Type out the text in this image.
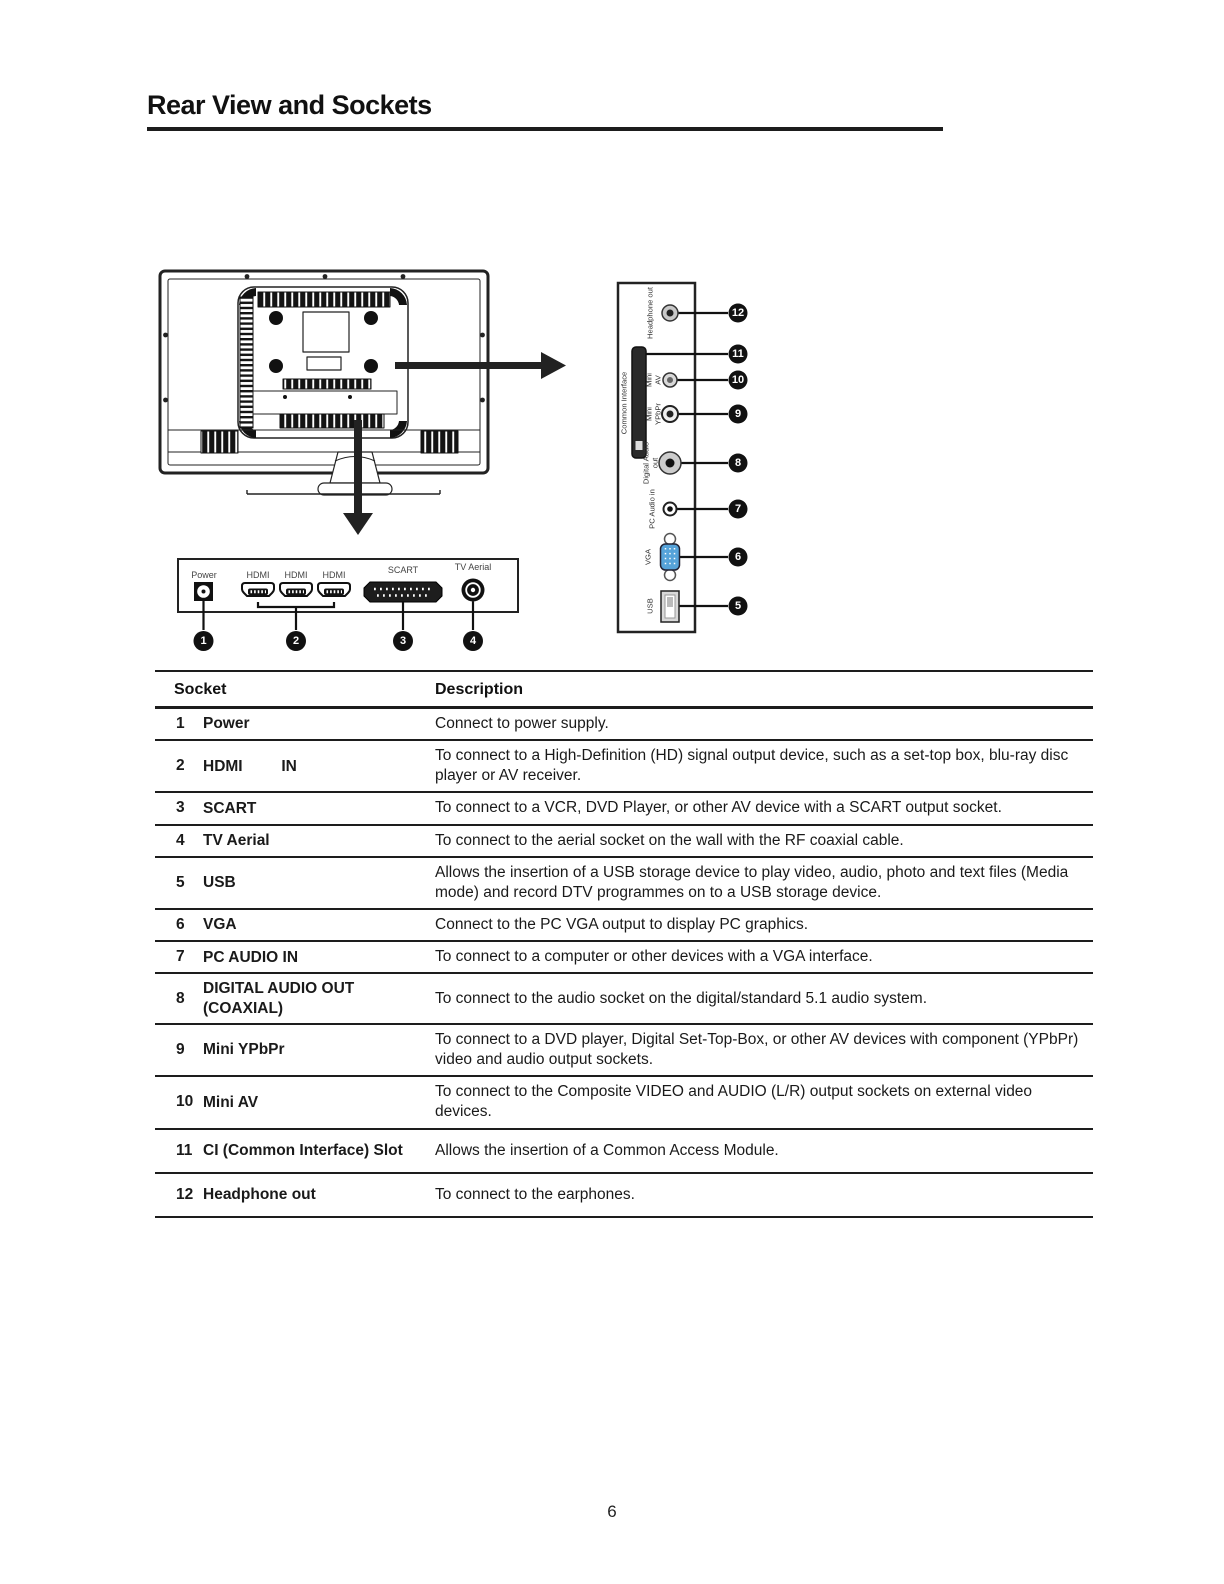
Rear View and Sockets
Headphone out
Common Interface Mini AV
Mini YPbPr
Digital Audio out
PC Audio in
VGA
USB
12
11
10
9
8
7
6
5
Power	HDMI HDMI HDMI	SCART	TV Aerial
1	2	3	4
Socket		Description
1	Power	Connect to power supply.
2	HDMI   IN	To connect to a High-Definition (HD) signal output device, such as a set-top box, blu-ray disc player or AV receiver.
3	SCART	To connect to a VCR, DVD Player, or other AV device with a SCART output socket.
4	TV Aerial	To connect to the aerial socket on the wall with the RF coaxial cable.
5	USB	Allows the insertion of a USB storage device to play video, audio, photo and text files (Media mode) and record DTV programmes on to a USB storage device.
6	VGA	Connect to the PC VGA output to display PC graphics.
7	PC AUDIO IN	To connect to a computer or other devices with a VGA interface.
8	DIGITAL AUDIO OUT (COAXIAL)	To connect to the audio socket on the digital/standard 5.1 audio system.
9	Mini YPbPr	To connect to a DVD player, Digital Set-Top-Box, or other AV devices with component (YPbPr) video and audio output sockets.
10	Mini AV	To connect to the Composite VIDEO and AUDIO (L/R) output sockets on external video devices.
11	CI (Common Interface) Slot	Allows the insertion of a Common Access Module.
12	Headphone out	To connect to the earphones.
6
